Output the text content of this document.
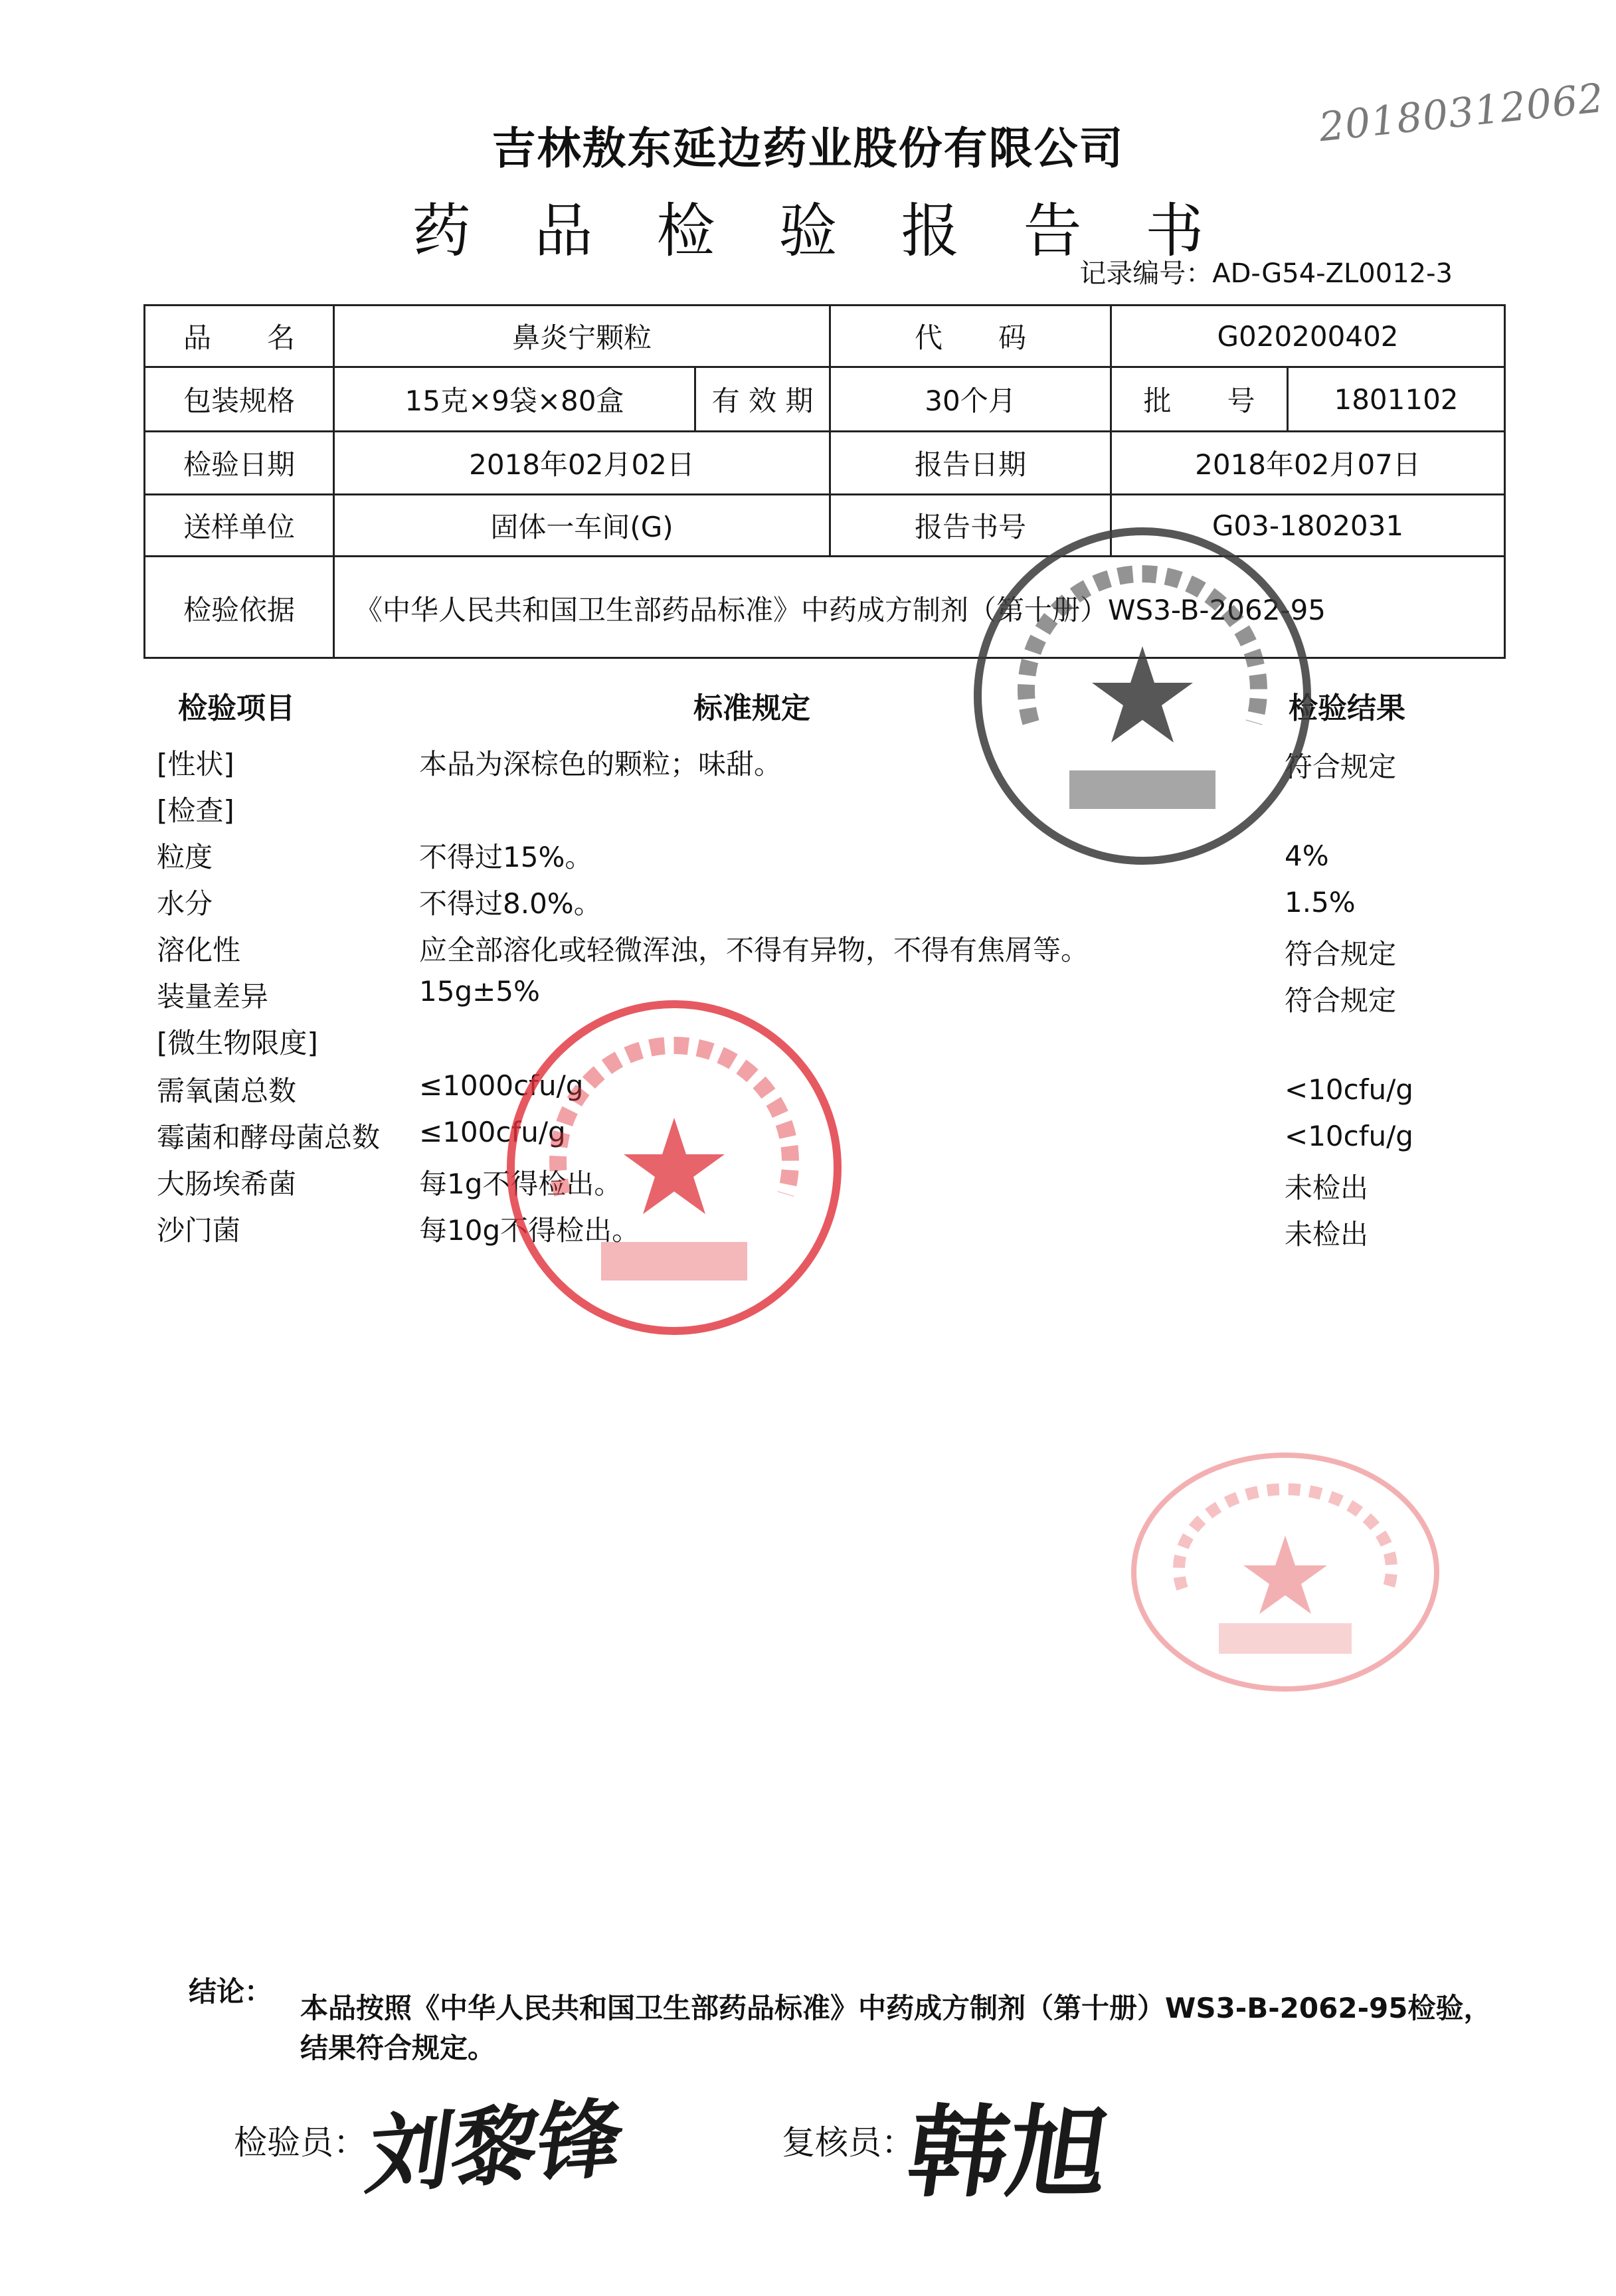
20180312062
吉林敖东延边药业股份有限公司
药 品 检 验 报 告 书
记录编号：AD-G54-ZL0012-3
品　　名	鼻炎宁颗粒	代　　码	G020200402
包装规格	15克×9袋×80盒	有 效 期	30个月	批　　号	1801102
检验日期	2018年02月02日	报告日期	2018年02月07日
送样单位	固体一车间(G)	报告书号	G03-1802031
检验依据	《中华人民共和国卫生部药品标准》中药成方制剂（第十册）WS3-B-2062-95
检验项目	标准规定	检验结果
[性状]	本品为深棕色的颗粒；味甜。	符合规定
[检查]
粒度	不得过15%。	4%
水分	不得过8.0%。	1.5%
溶化性	应全部溶化或轻微浑浊，不得有异物，不得有焦屑等。	符合规定
装量差异	15g±5%	符合规定
[微生物限度]
需氧菌总数	≤1000cfu/g	<10cfu/g
霉菌和酵母菌总数 ≤100cfu/g	<10cfu/g
大肠埃希菌	每1g不得检出。	未检出
沙门菌	每10g不得检出。	未检出
结论：
本品按照《中华人民共和国卫生部药品标准》中药成方制剂（第十册）WS3-B-2062-95检验，结果符合规定。
检验员：
刘黎锋	复核员：
韩旭
